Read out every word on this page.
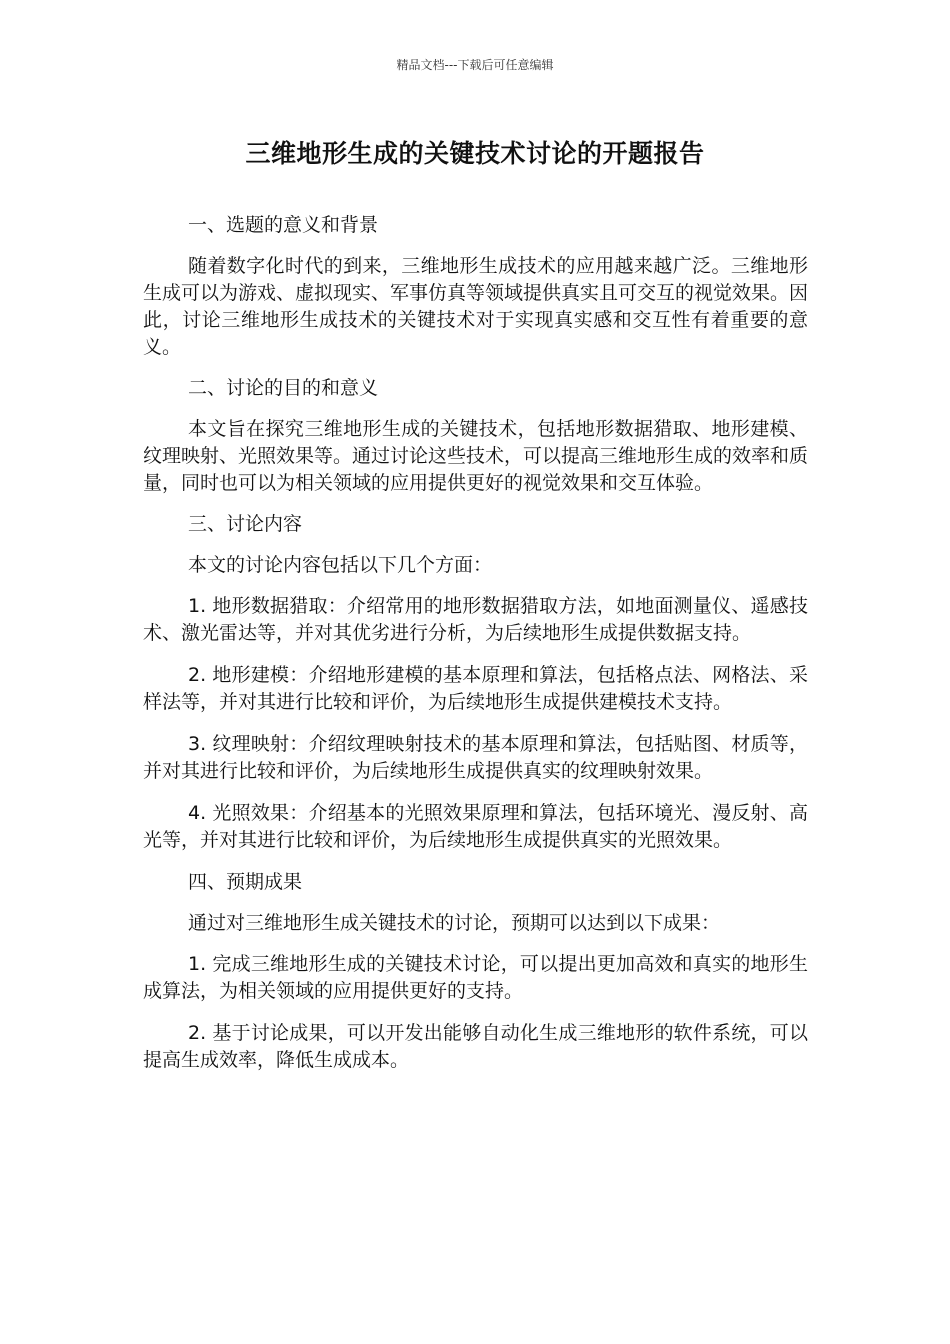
精品文档---下载后可任意编辑
三维地形生成的关键技术讨论的开题报告

一、选题的意义和背景

随着数字化时代的到来，三维地形生成技术的应用越来越广泛。三维地形生成可以为游戏、虚拟现实、军事仿真等领域提供真实且可交互的视觉效果。因此，讨论三维地形生成技术的关键技术对于实现真实感和交互性有着重要的意义。

二、讨论的目的和意义

本文旨在探究三维地形生成的关键技术，包括地形数据猎取、地形建模、纹理映射、光照效果等。通过讨论这些技术，可以提高三维地形生成的效率和质量，同时也可以为相关领域的应用提供更好的视觉效果和交互体验。

三、讨论内容

本文的讨论内容包括以下几个方面：

1. 地形数据猎取：介绍常用的地形数据猎取方法，如地面测量仪、遥感技术、激光雷达等，并对其优劣进行分析，为后续地形生成提供数据支持。

2. 地形建模：介绍地形建模的基本原理和算法，包括格点法、网格法、采样法等，并对其进行比较和评价，为后续地形生成提供建模技术支持。

3. 纹理映射：介绍纹理映射技术的基本原理和算法，包括贴图、材质等，并对其进行比较和评价，为后续地形生成提供真实的纹理映射效果。

4. 光照效果：介绍基本的光照效果原理和算法，包括环境光、漫反射、高光等，并对其进行比较和评价，为后续地形生成提供真实的光照效果。

四、预期成果

通过对三维地形生成关键技术的讨论，预期可以达到以下成果：

1. 完成三维地形生成的关键技术讨论，可以提出更加高效和真实的地形生成算法，为相关领域的应用提供更好的支持。

2. 基于讨论成果，可以开发出能够自动化生成三维地形的软件系统，可以提高生成效率，降低生成成本。
